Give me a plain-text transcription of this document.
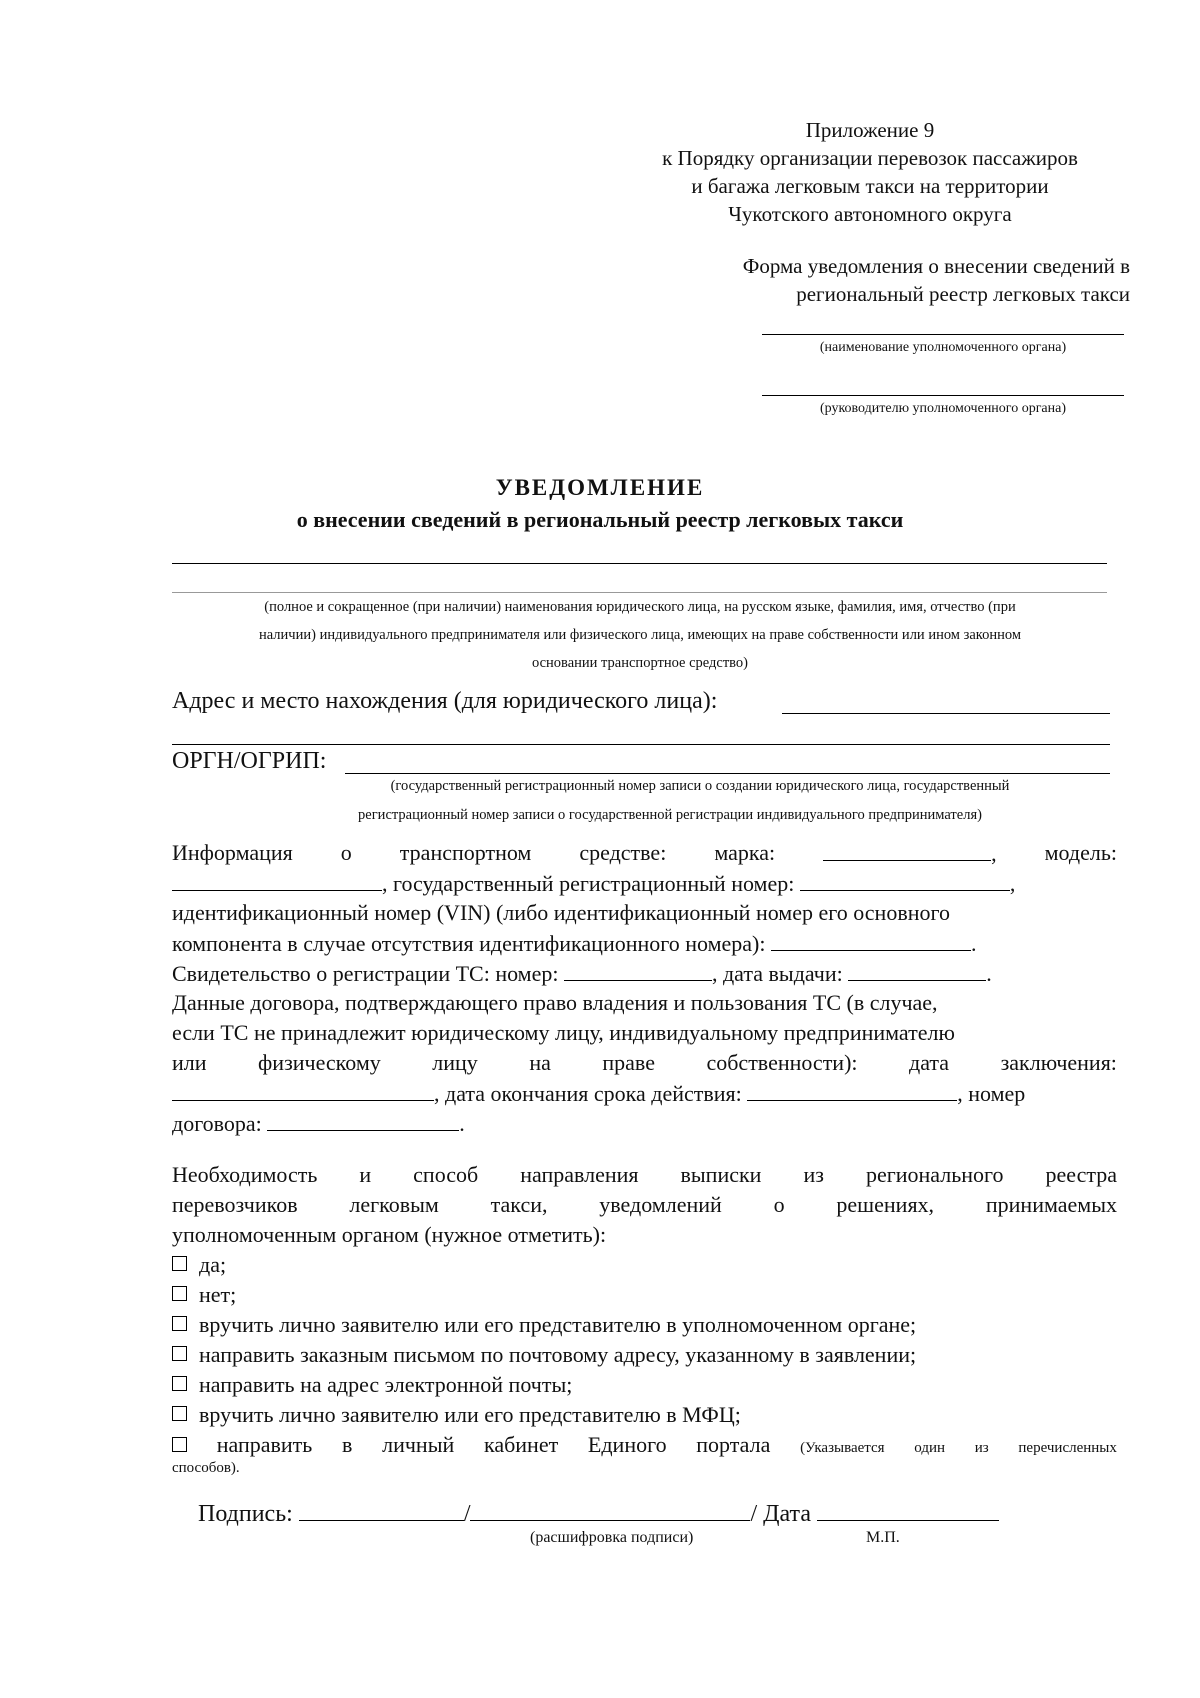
Приложение 9
к Порядку организации перевозок пассажиров
и багажа легковым такси на территории
Чукотского автономного округа
Форма уведомления о внесении сведений в
региональный реестр легковых такси
(наименование уполномоченного органа)
(руководителю уполномоченного органа)
УВЕДОМЛЕНИЕ
о внесении сведений в региональный реестр легковых такси
(полное и сокращенное (при наличии) наименования юридического лица, на русском языке, фамилия, имя, отчество (при
наличии) индивидуального предпринимателя или физического лица, имеющих на праве собственности или ином законном
основании транспортное средство)
Адрес и место нахождения (для юридического лица):
ОРГН/ОГРИП:
(государственный регистрационный номер записи о создании юридического лица, государственный
регистрационный номер записи о государственной регистрации индивидуального предпринимателя)
Информация о транспортном средстве: марка:	, модель:
, государственный регистрационный номер:	,
идентификационный номер (VIN) (либо идентификационный номер его основного
компонента в случае отсутствия идентификационного номера):	.
Свидетельство о регистрации ТС: номер:	, дата выдачи:	.
Данные договора, подтверждающего право владения и пользования ТС (в случае,
если ТС не принадлежит юридическому лицу, индивидуальному предпринимателю
или физическому лицу на праве собственности): дата заключения:
, дата окончания срока действия:	, номер
договора:	.
Необходимость и способ направления выписки из регионального реестра
перевозчиков легковым такси, уведомлений о решениях, принимаемых
уполномоченным органом (нужное отметить):
да;
нет;
вручить лично заявителю или его представителю в уполномоченном органе;
направить заказным письмом по почтовому адресу, указанному в заявлении;
направить на адрес электронной почты;
вручить лично заявителю или его представителю в МФЦ;
направить в личный кабинет Единого портала (Указывается один из перечисленных
способов).
Подпись:	/	/ Дата
(расшифровка подписи)	М.П.
